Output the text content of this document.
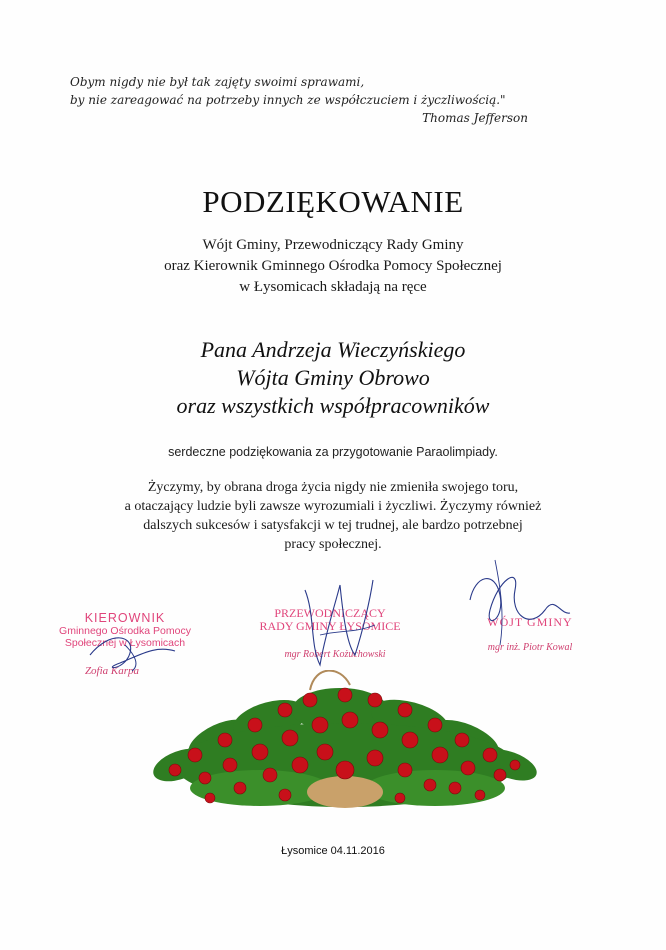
Obym nigdy nie był tak zajęty swoimi sprawami,
by nie zareagować na potrzeby innych ze współczuciem i życzliwością."
Thomas Jefferson
PODZIĘKOWANIE
Wójt Gminy, Przewodniczący Rady Gminy
oraz Kierownik Gminnego Ośrodka Pomocy Społecznej
w Łysomicach składają na ręce
Pana Andrzeja Wieczyńskiego
Wójta Gminy Obrowo
oraz wszystkich współpracowników
serdeczne podziękowania za przygotowanie Paraolimpiady.
Życzymy, by obrana droga życia nigdy nie zmieniła swojego toru,
a otaczający ludzie byli zawsze wyrozumiali i życzliwi. Życzymy również
dalszych sukcesów i satysfakcji w tej trudnej, ale bardzo potrzebnej
pracy społecznej.
KIEROWNIK
Gminnego Ośrodka Pomocy
Społecznej w Łysomicach
Zofia Karpa
PRZEWODNICZĄCY
RADY GMINY ŁYSOMICE
mgr Robert Kożuchowski
WÓJT GMINY
mgr inż. Piotr Kowal
Łysomice 04.11.2016
